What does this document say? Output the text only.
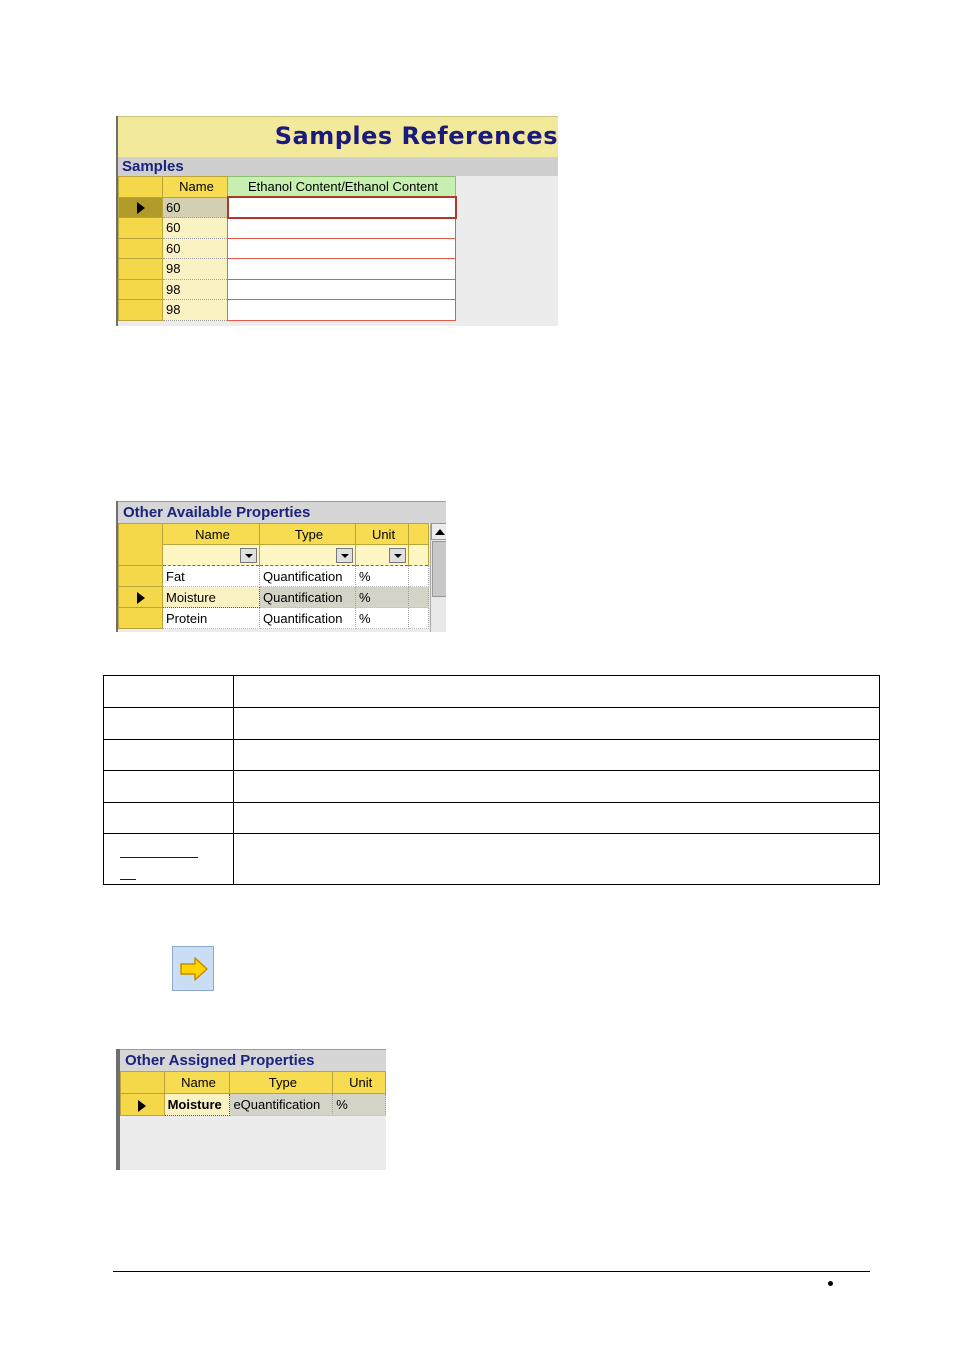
Samples References
Samples
	Name	Ethanol Content/Ethanol Content
	60	
	60	
	60	
	98	
	98	
	98	
Other Available Properties
	Name	Type	Unit	

	Fat	Quantification	%	
	Moisture	Quantification	%	
	Protein	Quantification	%	

Other Assigned Properties
	Name	Type	Unit
	Moisture	eQuantification	%
